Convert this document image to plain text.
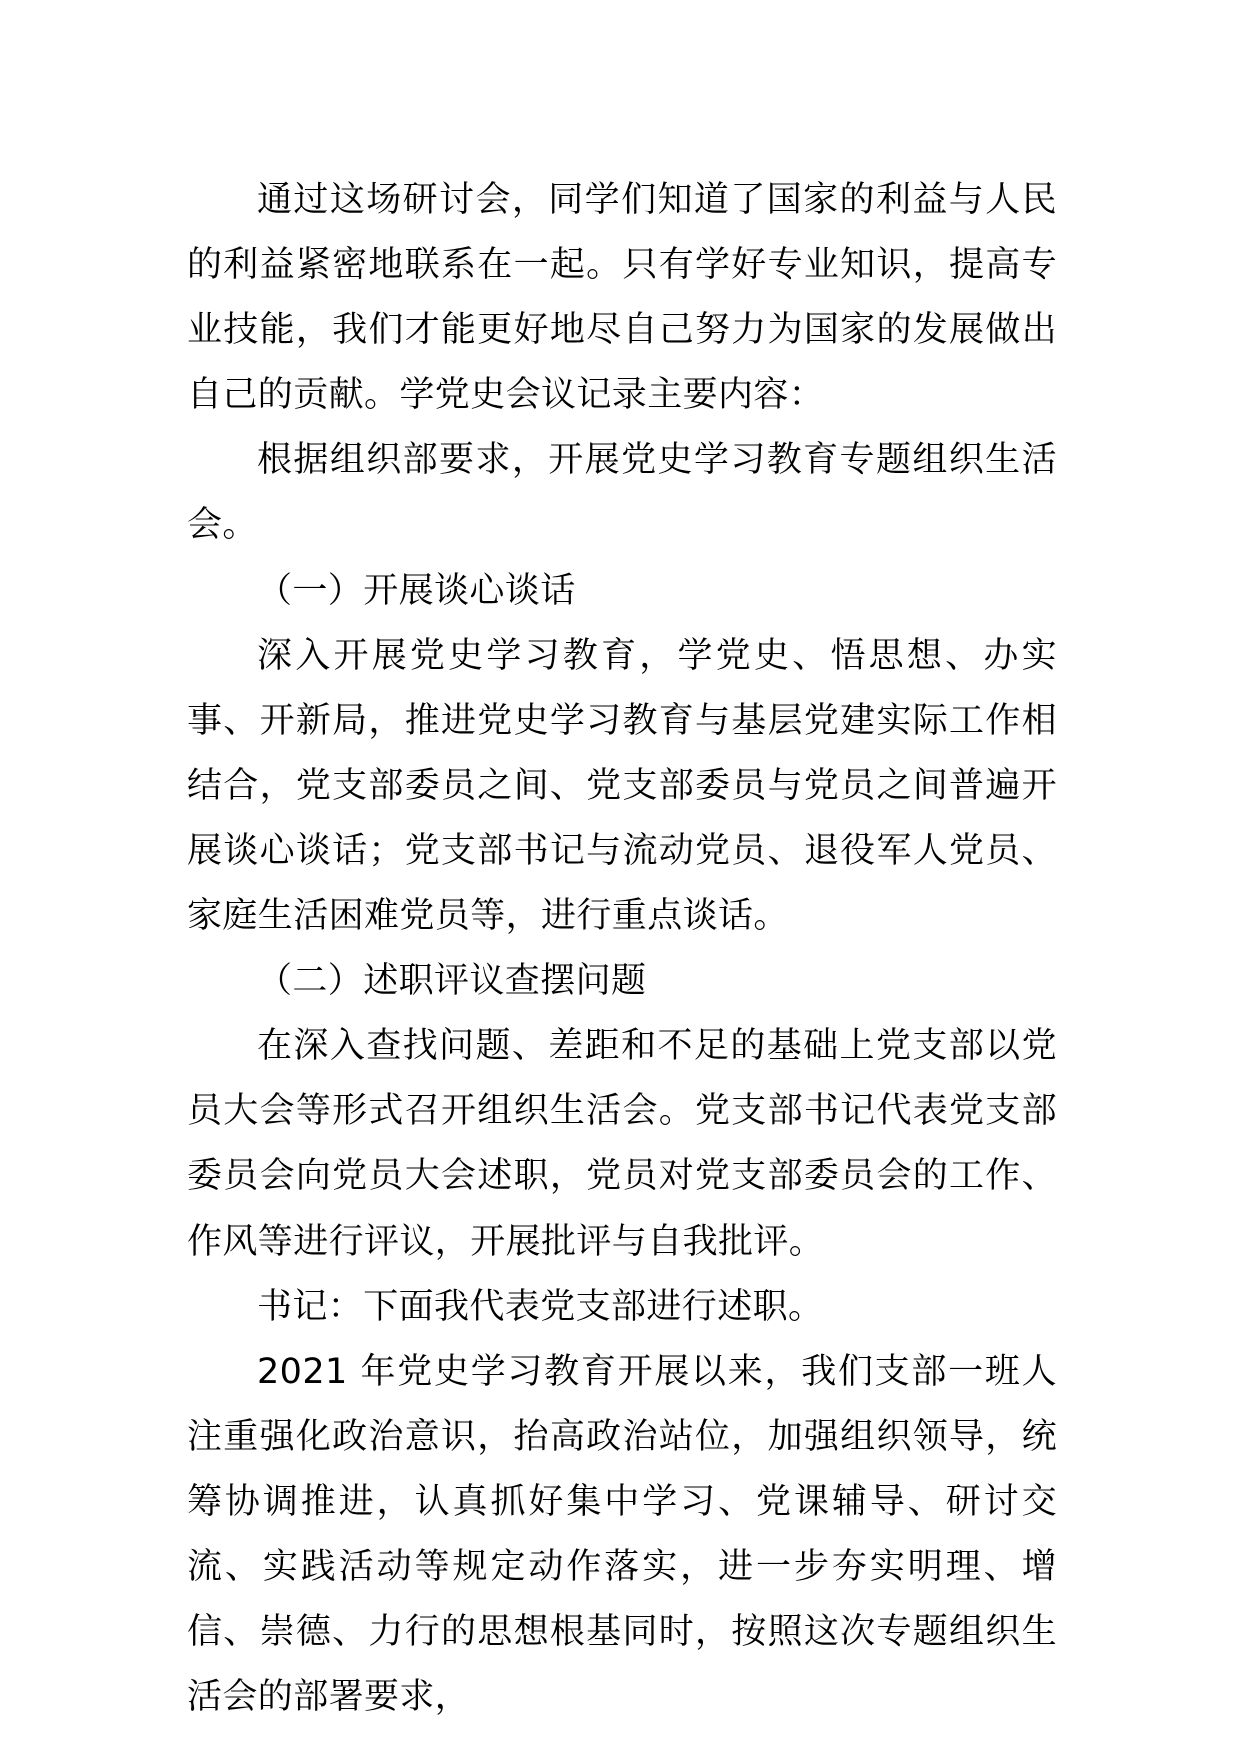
通过这场研讨会，同学们知道了国家的利益与人民的利益紧密地联系在一起。只有学好专业知识，提高专业技能，我们才能更好地尽自己努力为国家的发展做出自己的贡献。学党史会议记录主要内容：

根据组织部要求，开展党史学习教育专题组织生活会。

（一）开展谈心谈话

深入开展党史学习教育，学党史、悟思想、办实事、开新局，推进党史学习教育与基层党建实际工作相结合，党支部委员之间、党支部委员与党员之间普遍开展谈心谈话；党支部书记与流动党员、退役军人党员、家庭生活困难党员等，进行重点谈话。

（二）述职评议查摆问题

在深入查找问题、差距和不足的基础上党支部以党员大会等形式召开组织生活会。党支部书记代表党支部委员会向党员大会述职，党员对党支部委员会的工作、作风等进行评议，开展批评与自我批评。

书记：下面我代表党支部进行述职。

2021 年党史学习教育开展以来，我们支部一班人注重强化政治意识，抬高政治站位，加强组织领导，统筹协调推进，认真抓好集中学习、党课辅导、研讨交流、实践活动等规定动作落实，进一步夯实明理、增信、崇德、力行的思想根基同时，按照这次专题组织生活会的部署要求，
